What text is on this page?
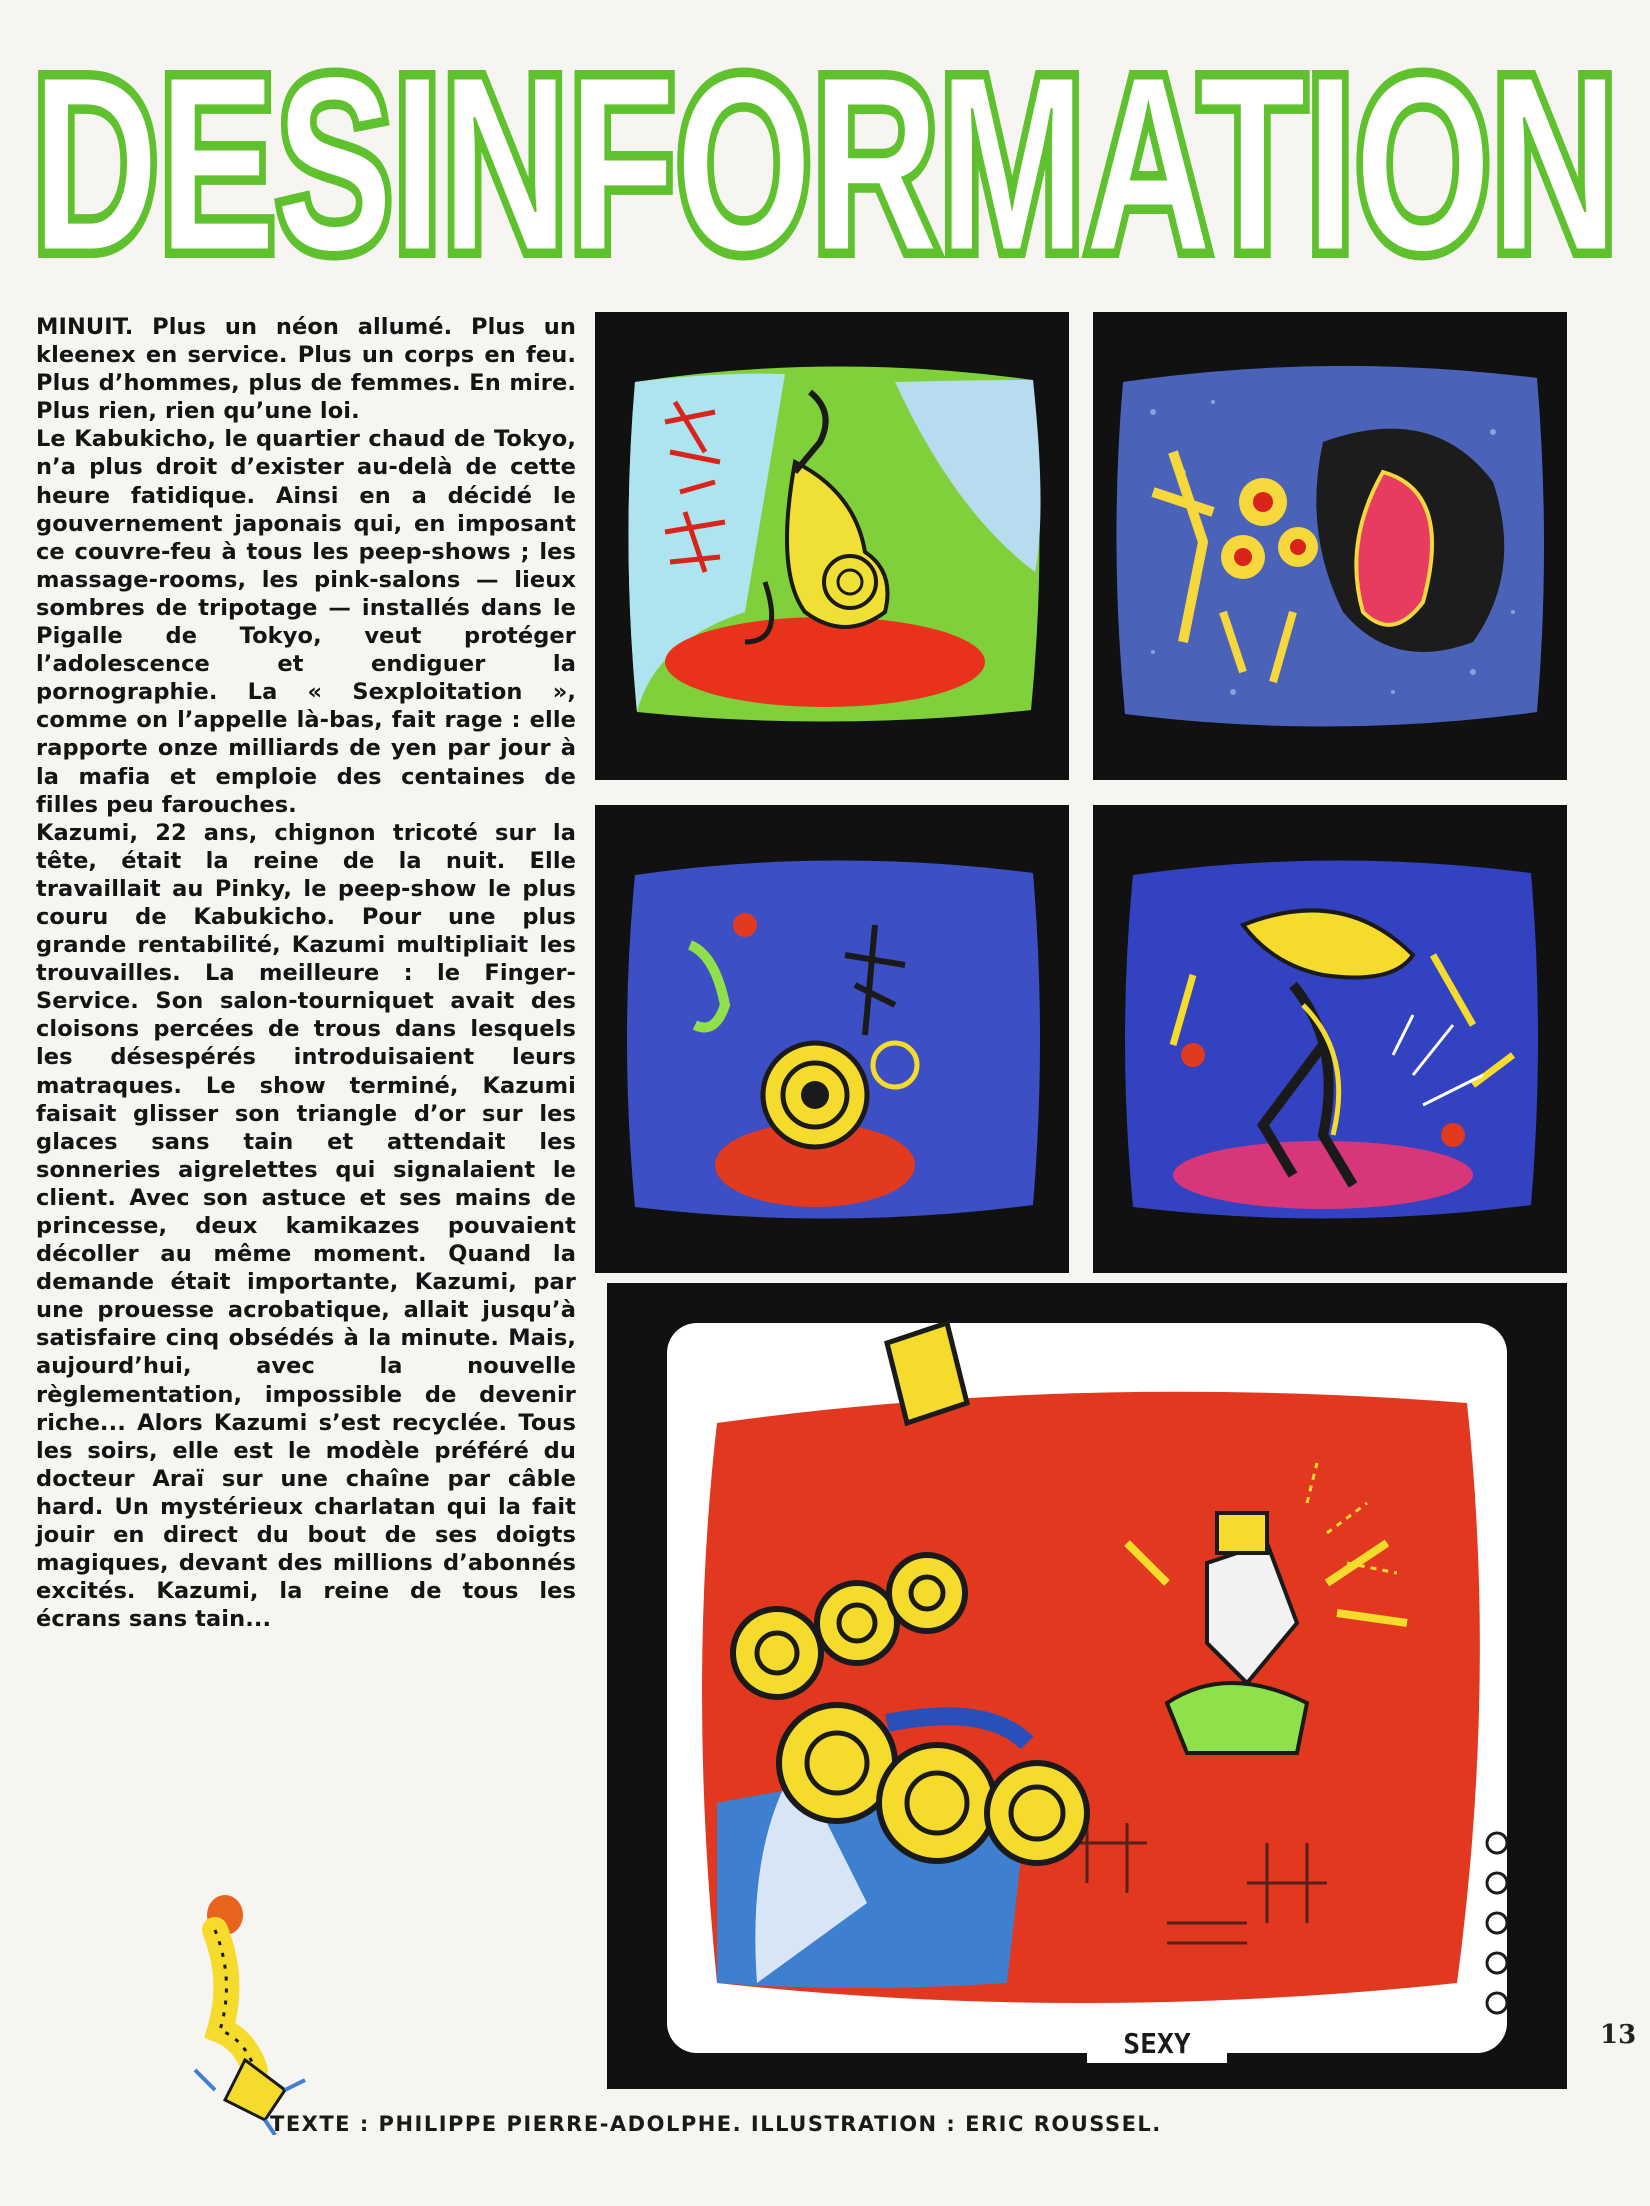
DESINFORMATION
DESINFORMATION

MINUIT. Plus un néon allumé. Plus un kleenex en service. Plus un corps en feu. Plus d’hommes, plus de femmes. En mire. Plus rien, rien qu’une loi.

Le Kabukicho, le quartier chaud de Tokyo, n’a plus droit d’exister au-delà de cette heure fatidique. Ainsi en a décidé le gouvernement japonais qui, en imposant ce couvre-feu à tous les peep-shows ; les massage-rooms, les pink-salons — lieux sombres de tripotage — installés dans le Pigalle de Tokyo, veut protéger l’adolescence et endiguer la pornographie. La « Sexploitation », comme on l’appelle là-bas, fait rage : elle rapporte onze milliards de yen par jour à la mafia et emploie des centaines de filles peu farouches.

Kazumi, 22 ans, chignon tricoté sur la tête, était la reine de la nuit. Elle travaillait au Pinky, le peep-show le plus couru de Kabukicho. Pour une plus grande rentabilité, Kazumi multipliait les trouvailles. La meilleure : le Finger-Service. Son salon-tourniquet avait des cloisons percées de trous dans lesquels les désespérés introduisaient leurs matraques. Le show terminé, Kazumi faisait glisser son triangle d’or sur les glaces sans tain et attendait les sonneries aigrelettes qui signalaient le client. Avec son astuce et ses mains de princesse, deux kamikazes pouvaient décoller au même moment. Quand la demande était importante, Kazumi, par une prouesse acrobatique, allait jusqu’à satisfaire cinq obsédés à la minute. Mais, aujourd’hui, avec la nouvelle règlementation, impossible de devenir riche... Alors Kazumi s’est recyclée. Tous les soirs, elle est le modèle préféré du docteur Araï sur une chaîne par câble hard. Un mystérieux charlatan qui la fait jouir en direct du bout de ses doigts magiques, devant des millions d’abonnés excités. Kazumi, la reine de tous les écrans sans tain...

SEXY	13
TEXTE : PHILIPPE PIERRE-ADOLPHE. ILLUSTRATION : ERIC ROUSSEL.
